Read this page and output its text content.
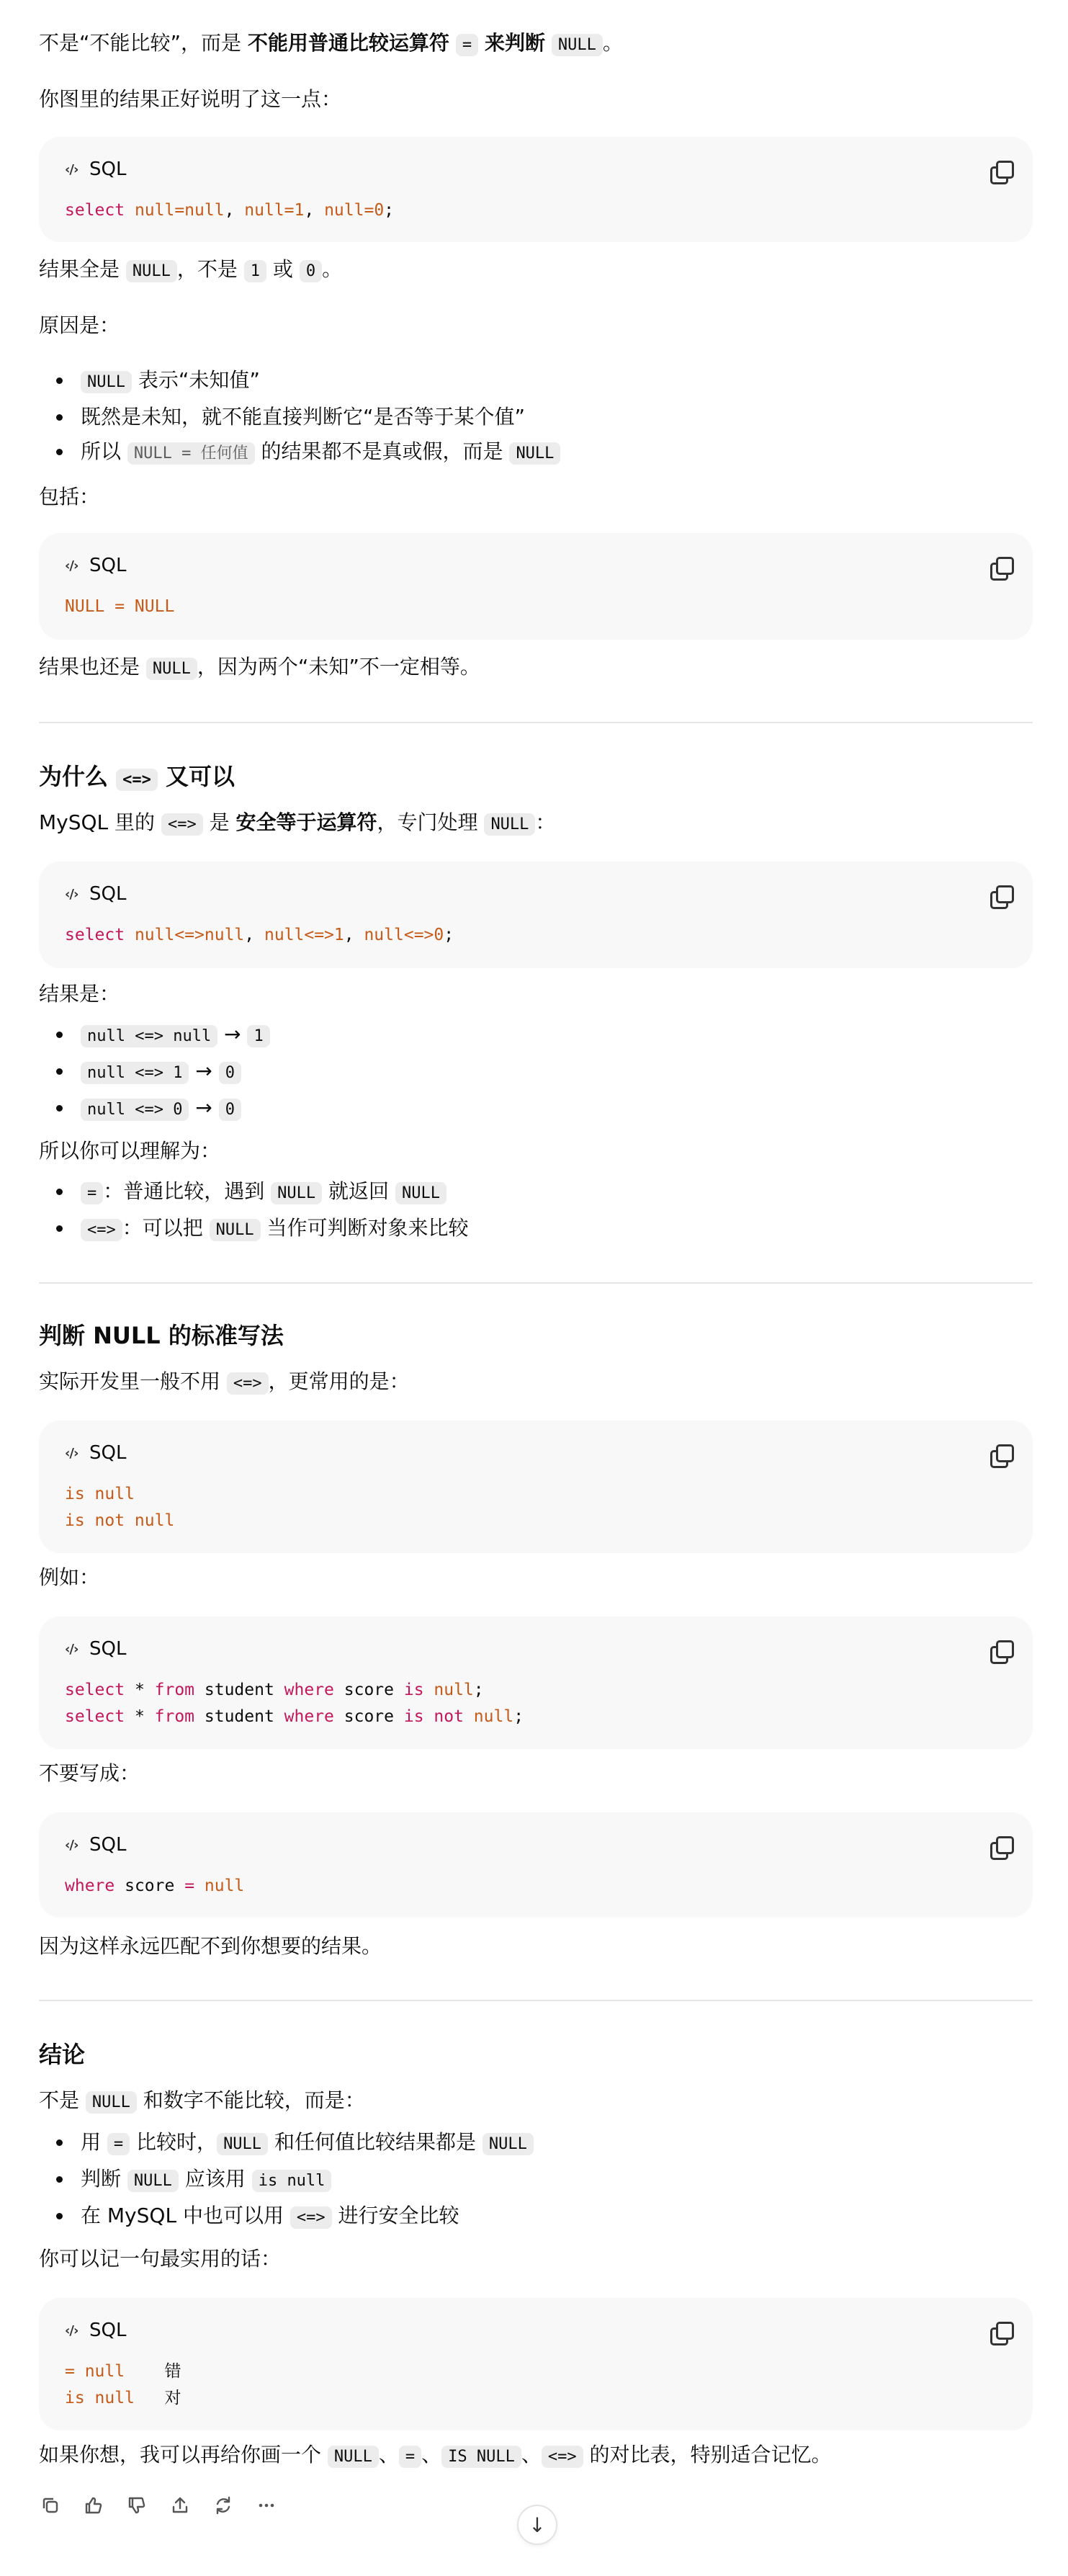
不是“不能比较”，而是 不能用普通比较运算符 = 来判断 NULL 。

你图里的结果正好说明了这一点：

‹/› SQL
select null=null, null=1, null=0;

结果全是 NULL ，不是 1 或 0 。

原因是：

NULL 表示“未知值”
既然是未知，就不能直接判断它“是否等于某个值”
所以 NULL = 任何值 的结果都不是真或假，而是 NULL

包括：

‹/› SQL
NULL = NULL

结果也还是 NULL ，因为两个“未知”不一定相等。

为什么 <=> 又可以

MySQL 里的 <=> 是 安全等于运算符，专门处理 NULL ：

‹/› SQL
select null<=>null, null<=>1, null<=>0;

结果是：

null <=> null → 1
null <=> 1 → 0
null <=> 0 → 0

所以你可以理解为：

= ：普通比较，遇到 NULL 就返回 NULL
<=> ：可以把 NULL 当作可判断对象来比较
判断 NULL 的标准写法

实际开发里一般不用 <=> ，更常用的是：

‹/› SQL
is null
is not null

例如：

‹/› SQL
select * from student where score is null;
select * from student where score is not null;

不要写成：

‹/› SQL
where score = null

因为这样永远匹配不到你想要的结果。

结论

不是 NULL 和数字不能比较，而是：

用 = 比较时， NULL 和任何值比较结果都是 NULL
判断 NULL 应该用 is null
在 MySQL 中也可以用 <=> 进行安全比较

你可以记一句最实用的话：

‹/› SQL
= null    错
is null   对

如果你想，我可以再给你画一个 NULL 、 = 、 IS NULL 、 <=> 的对比表，特别适合记忆。

↓
